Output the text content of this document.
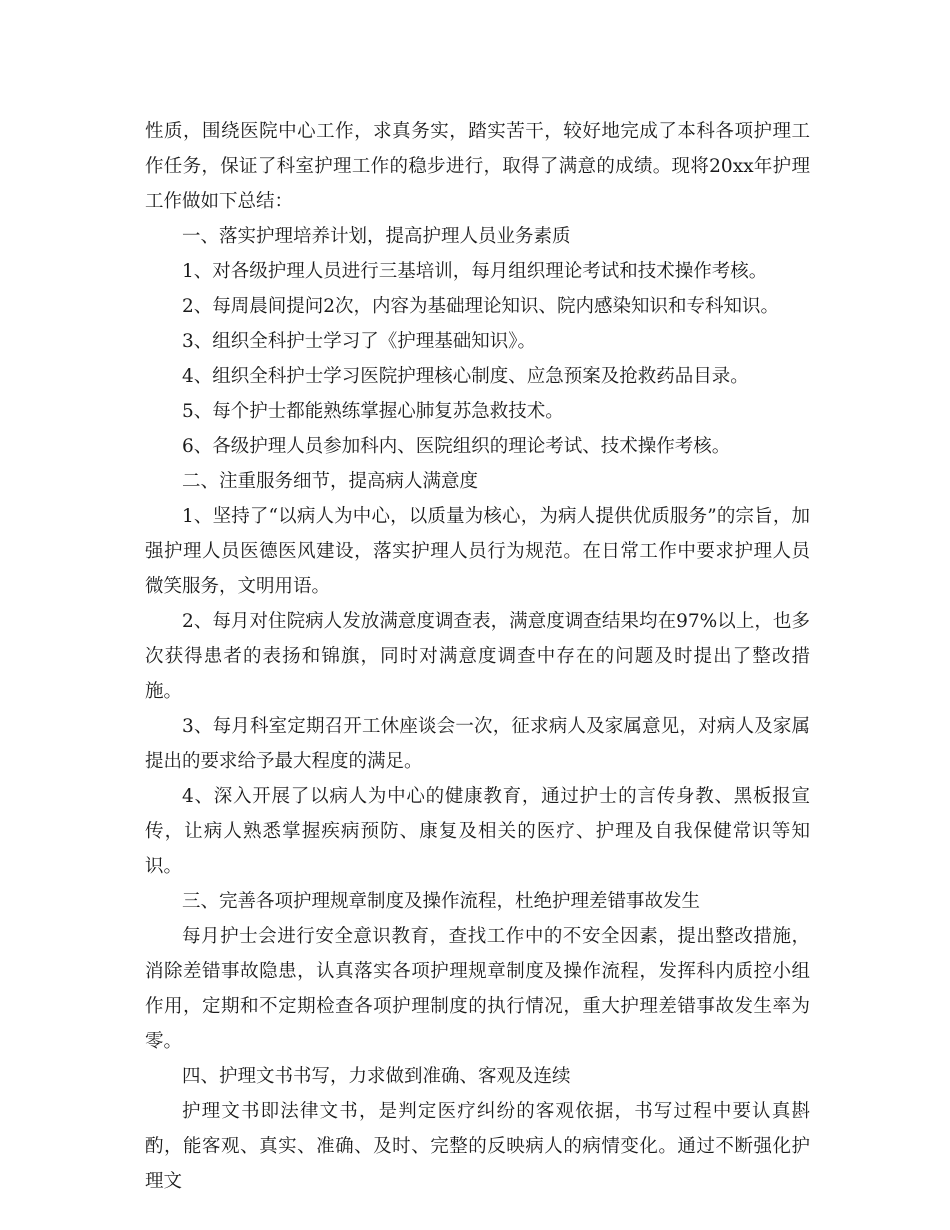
性质，围绕医院中心工作，求真务实，踏实苦干，较好地完成了本科各项护理工作任务，保证了科室护理工作的稳步进行，取得了满意的成绩。现将20xx年护理工作做如下总结：

一、落实护理培养计划，提高护理人员业务素质

1、对各级护理人员进行三基培训，每月组织理论考试和技术操作考核。

2、每周晨间提问2次，内容为基础理论知识、院内感染知识和专科知识。

3、组织全科护士学习了《护理基础知识》。

4、组织全科护士学习医院护理核心制度、应急预案及抢救药品目录。

5、每个护士都能熟练掌握心肺复苏急救技术。

6、各级护理人员参加科内、医院组织的理论考试、技术操作考核。

二、注重服务细节，提高病人满意度

1、坚持了“以病人为中心，以质量为核心，为病人提供优质服务”的宗旨，加强护理人员医德医风建设，落实护理人员行为规范。在日常工作中要求护理人员微笑服务，文明用语。

2、每月对住院病人发放满意度调查表，满意度调查结果均在97%以上，也多次获得患者的表扬和锦旗，同时对满意度调查中存在的问题及时提出了整改措施。

3、每月科室定期召开工休座谈会一次，征求病人及家属意见，对病人及家属提出的要求给予最大程度的满足。

4、深入开展了以病人为中心的健康教育，通过护士的言传身教、黑板报宣传，让病人熟悉掌握疾病预防、康复及相关的医疗、护理及自我保健常识等知识。

三、完善各项护理规章制度及操作流程，杜绝护理差错事故发生

每月护士会进行安全意识教育，查找工作中的不安全因素，提出整改措施，消除差错事故隐患，认真落实各项护理规章制度及操作流程，发挥科内质控小组作用，定期和不定期检查各项护理制度的执行情况，重大护理差错事故发生率为零。

四、护理文书书写，力求做到准确、客观及连续

护理文书即法律文书，是判定医疗纠纷的客观依据，书写过程中要认真斟酌，能客观、真实、准确、及时、完整的反映病人的病情变化。通过不断强化护理文
